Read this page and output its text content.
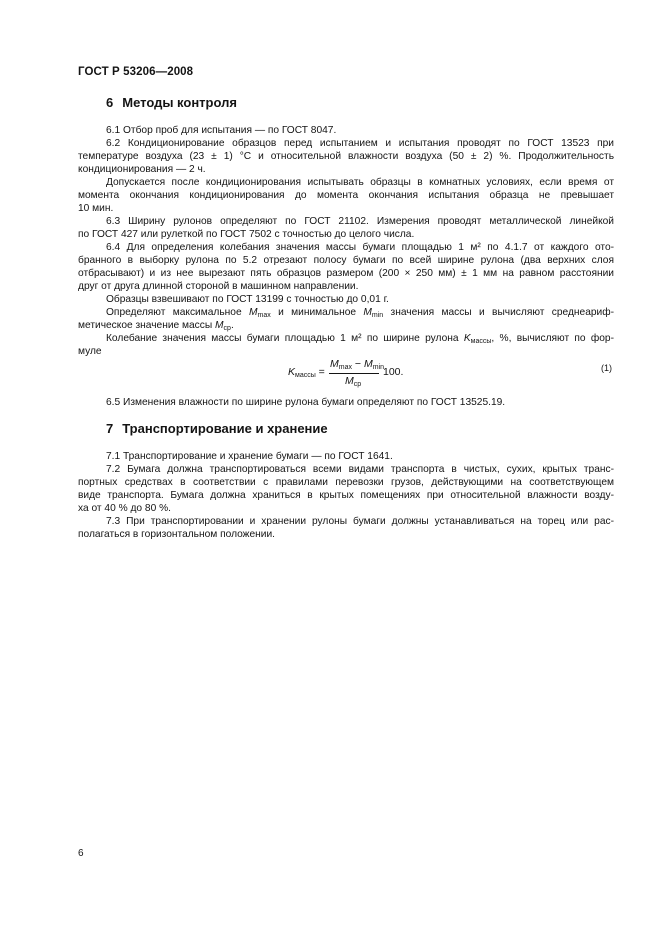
ГОСТ Р 53206—2008
6 Методы контроля
6.1 Отбор проб для испытания — по ГОСТ 8047.
6.2 Кондиционирование образцов перед испытанием и испытания проводят по ГОСТ 13523 при
температуре воздуха (23 ± 1) °С и относительной влажности воздуха (50 ± 2) %. Продолжительность
кондиционирования — 2 ч.
Допускается после кондиционирования испытывать образцы в комнатных условиях, если время от
момента окончания кондиционирования до момента окончания испытания образца не превышает
10 мин.
6.3 Ширину рулонов определяют по ГОСТ 21102. Измерения проводят металлической линейкой
по ГОСТ 427 или рулеткой по ГОСТ 7502 с точностью до целого числа.
6.4 Для определения колебания значения массы бумаги площадью 1 м² по 4.1.7 от каждого ото-
бранного в выборку рулона по 5.2 отрезают полосу бумаги по всей ширине рулона (два верхних слоя
отбрасывают) и из нее вырезают пять образцов размером (200 × 250 мм) ± 1 мм на равном расстоянии
друг от друга длинной стороной в машинном направлении.
Образцы взвешивают по ГОСТ 13199 с точностью до 0,01 г.
Определяют максимальное $M_{max}$ и минимальное $M_{min}$ значения массы и вычисляют среднеариф-
метическое значение массы $M_{ср}$.
Колебание значения массы бумаги площадью 1 м² по ширине рулона $K_{массы}$, %, вычисляют по фор-
муле
$K_{массы}$ =
$M_{max} - M_{min}$
$M_{ср}$
100.	(1)
6.5 Изменения влажности по ширине рулона бумаги определяют по ГОСТ 13525.19.
7 Транспортирование и хранение
7.1 Транспортирование и хранение бумаги — по ГОСТ 1641.
7.2 Бумага должна транспортироваться всеми видами транспорта в чистых, сухих, крытых транс-
портных средствах в соответствии с правилами перевозки грузов, действующими на соответствующем
виде транспорта. Бумага должна храниться в крытых помещениях при относительной влажности возду-
ха от 40 % до 80 %.
7.3 При транспортировании и хранении рулоны бумаги должны устанавливаться на торец или рас-
полагаться в горизонтальном положении.
6
